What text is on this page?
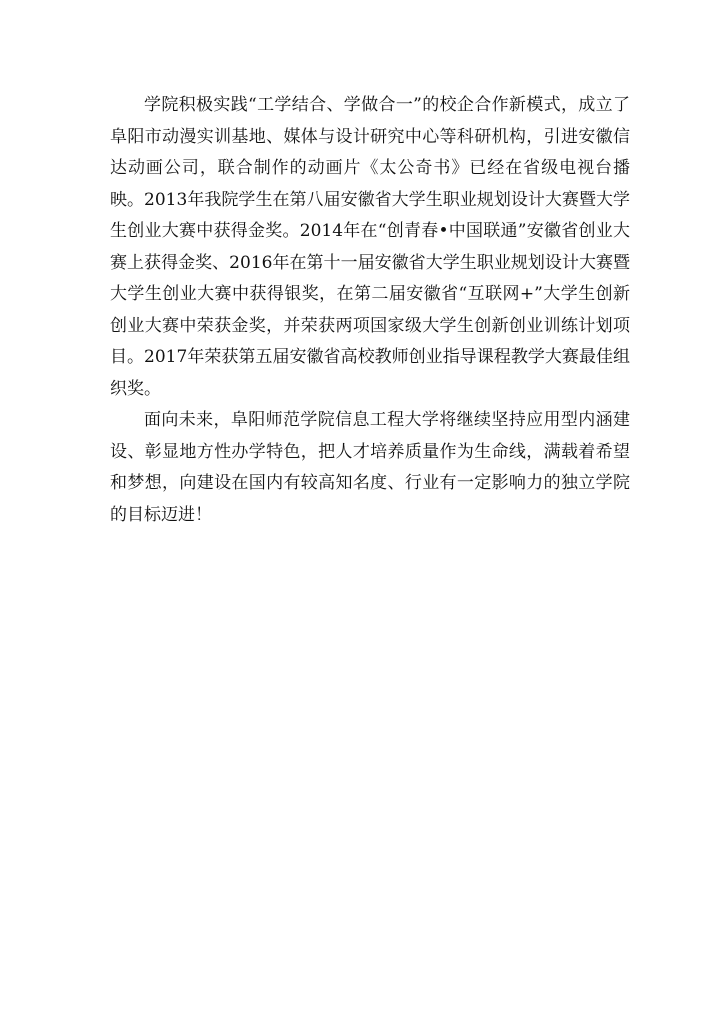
学院积极实践“工学结合、学做合一”的校企合作新模式，成立了阜阳市动漫实训基地、媒体与设计研究中心等科研机构，引进安徽信达动画公司，联合制作的动画片《太公奇书》已经在省级电视台播映。2013年我院学生在第八届安徽省大学生职业规划设计大赛暨大学生创业大赛中获得金奖。2014年在“创青春•中国联通”安徽省创业大赛上获得金奖、2016年在第十一届安徽省大学生职业规划设计大赛暨大学生创业大赛中获得银奖，在第二届安徽省“互联网+”大学生创新创业大赛中荣获金奖，并荣获两项国家级大学生创新创业训练计划项目。2017年荣获第五届安徽省高校教师创业指导课程教学大赛最佳组织奖。

面向未来，阜阳师范学院信息工程大学将继续坚持应用型内涵建设、彰显地方性办学特色，把人才培养质量作为生命线，满载着希望和梦想，向建设在国内有较高知名度、行业有一定影响力的独立学院的目标迈进！
